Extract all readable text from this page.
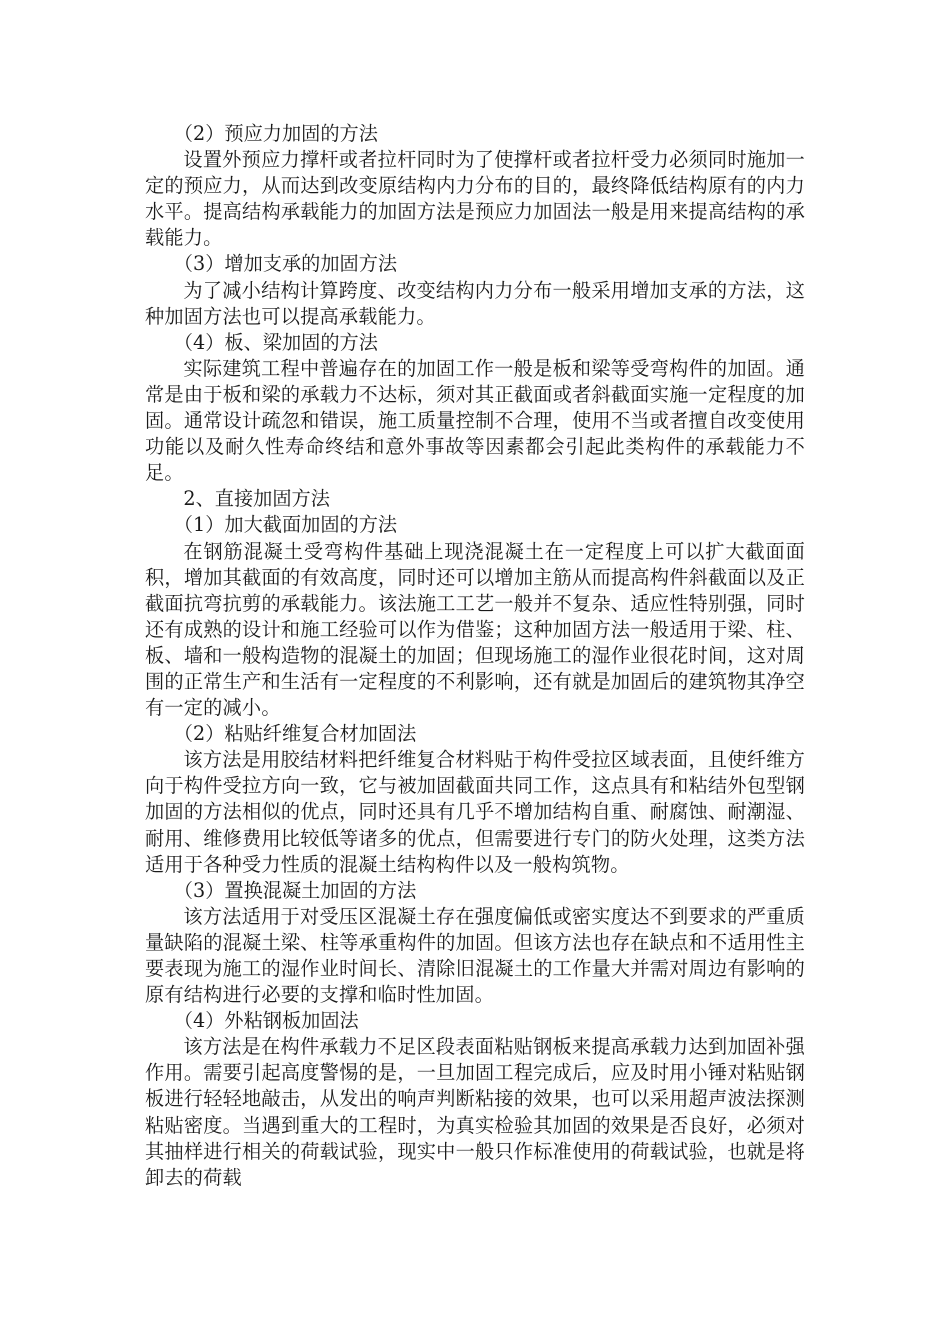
（2）预应力加固的方法

设置外预应力撑杆或者拉杆同时为了使撑杆或者拉杆受力必须同时施加一定的预应力，从而达到改变原结构内力分布的目的，最终降低结构原有的内力水平。提高结构承载能力的加固方法是预应力加固法一般是用来提高结构的承载能力。

（3）增加支承的加固方法

为了减小结构计算跨度、改变结构内力分布一般采用增加支承的方法，这种加固方法也可以提高承载能力。

（4）板、梁加固的方法

实际建筑工程中普遍存在的加固工作一般是板和梁等受弯构件的加固。通常是由于板和梁的承载力不达标，须对其正截面或者斜截面实施一定程度的加固。通常设计疏忽和错误，施工质量控制不合理，使用不当或者擅自改变使用功能以及耐久性寿命终结和意外事故等因素都会引起此类构件的承载能力不足。

2、直接加固方法

（1）加大截面加固的方法

在钢筋混凝土受弯构件基础上现浇混凝土在一定程度上可以扩大截面面积，增加其截面的有效高度，同时还可以增加主筋从而提高构件斜截面以及正截面抗弯抗剪的承载能力。该法施工工艺一般并不复杂、适应性特别强，同时还有成熟的设计和施工经验可以作为借鉴；这种加固方法一般适用于梁、柱、板、墙和一般构造物的混凝土的加固；但现场施工的湿作业很花时间，这对周围的正常生产和生活有一定程度的不利影响，还有就是加固后的建筑物其净空有一定的减小。

（2）粘贴纤维复合材加固法

该方法是用胶结材料把纤维复合材料贴于构件受拉区域表面，且使纤维方向于构件受拉方向一致，它与被加固截面共同工作，这点具有和粘结外包型钢加固的方法相似的优点，同时还具有几乎不增加结构自重、耐腐蚀、耐潮湿、耐用、维修费用比较低等诸多的优点，但需要进行专门的防火处理，这类方法适用于各种受力性质的混凝土结构构件以及一般构筑物。

（3）置换混凝土加固的方法

该方法适用于对受压区混凝土存在强度偏低或密实度达不到要求的严重质量缺陷的混凝土梁、柱等承重构件的加固。但该方法也存在缺点和不适用性主要表现为施工的湿作业时间长、清除旧混凝土的工作量大并需对周边有影响的原有结构进行必要的支撑和临时性加固。

（4）外粘钢板加固法

该方法是在构件承载力不足区段表面粘贴钢板来提高承载力达到加固补强作用。需要引起高度警惕的是，一旦加固工程完成后，应及时用小锤对粘贴钢板进行轻轻地敲击，从发出的响声判断粘接的效果，也可以采用超声波法探测粘贴密度。当遇到重大的工程时，为真实检验其加固的效果是否良好，必须对其抽样进行相关的荷载试验，现实中一般只作标准使用的荷载试验，也就是将卸去的荷载
